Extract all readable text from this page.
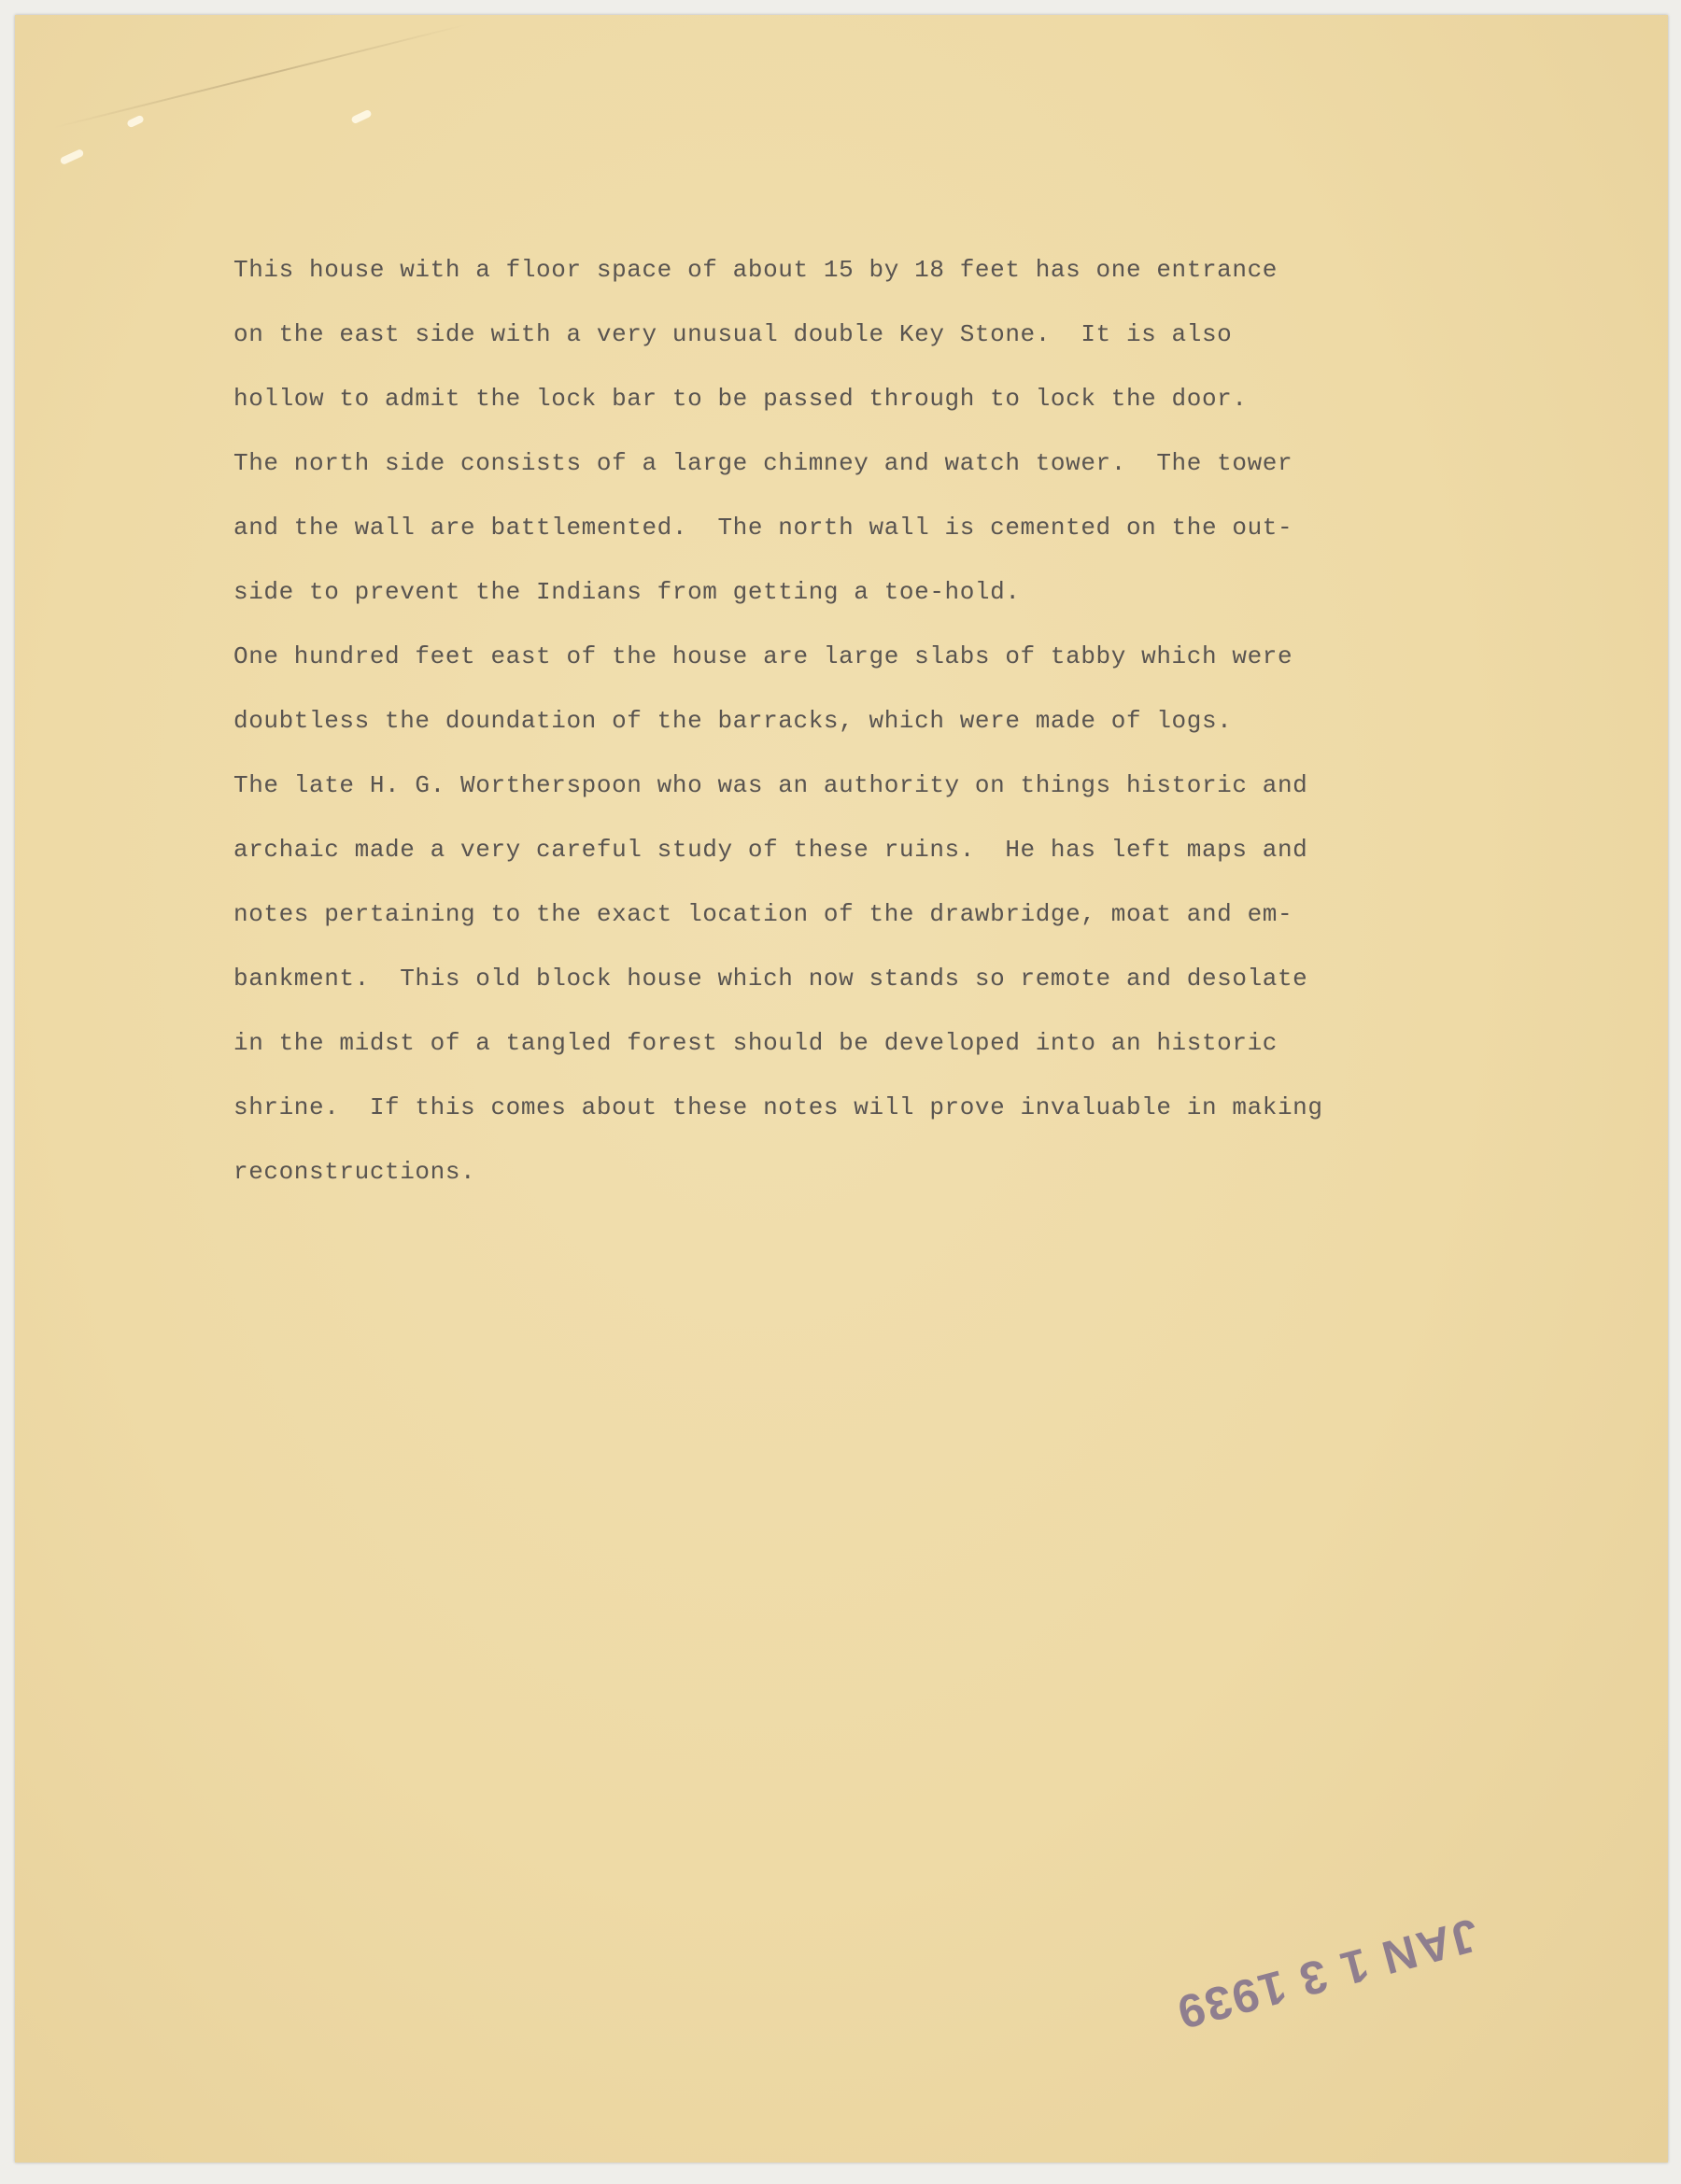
This house with a floor space of about 15 by 18 feet has one entrance
on the east side with a very unusual double Key Stone.  It is also
hollow to admit the lock bar to be passed through to lock the door.
The north side consists of a large chimney and watch tower.  The tower
and the wall are battlemented.  The north wall is cemented on the out-
side to prevent the Indians from getting a toe-hold.
One hundred feet east of the house are large slabs of tabby which were
doubtless the doundation of the barracks, which were made of logs.
The late H. G. Wortherspoon who was an authority on things historic and
archaic made a very careful study of these ruins.  He has left maps and
notes pertaining to the exact location of the drawbridge, moat and em-
bankment.  This old block house which now stands so remote and desolate
in the midst of a tangled forest should be developed into an historic
shrine.  If this comes about these notes will prove invaluable in making
reconstructions.
JAN 1 3 1939
